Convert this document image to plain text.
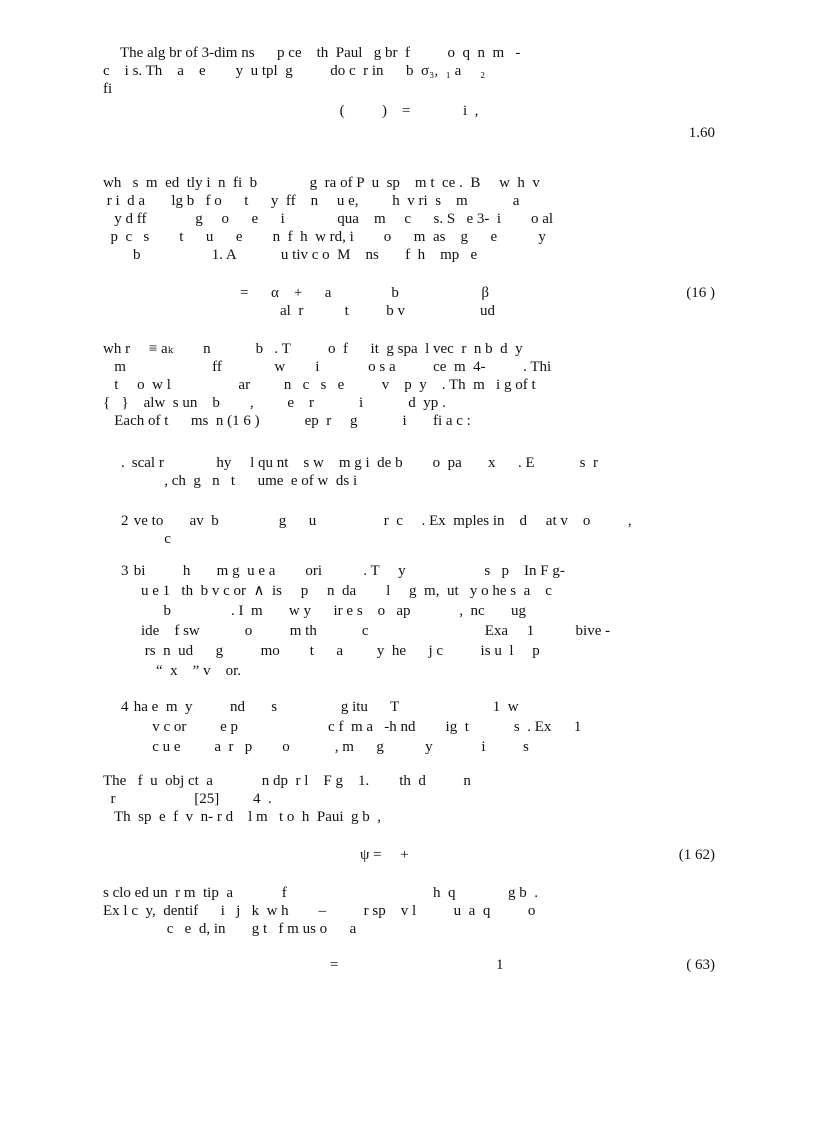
The alg br of 3-dim ns      p ce    th  Paul   g br  f          o  q  n  m   -
c    i s. Th    a    e        y  u tpl  g          do c  r in      b  σ₃,  ₁ a     ₂
fi
(          )    =              i  ,
1.60
wh   s  m  ed  tly i  n  fi  b              g  ra of P  u  sp    m t  ce .  B     w  h  v
r i  d a       lg b   f o      t      y  ff    n     u e,         h  v ri  s    m            a
y d ff             g     o      e      i              qua    m     c      s. S   e 3-  i        o al
p  c   s        t      u      e        n  f  h  w rd, i        o      m  as    g      e           y
b                   1. A            u tiv c o  M    ns       f  h    mp   e
=      α    +      a                b                      β
al  r           t          b v                    ud
(16 )
wh r     ≡ aₖ        n            b   . T          o  f      it  g spa  l vec  r  n b  d  y
m                       ff              w        i             o s a          ce  m  4-          . Thi
t     o  w l                  ar         n   c   s   e          v    p  y    . Th  m   i g of t
{   }    alw  s un    b        ,         e    r            i            d  yp .
Each of t      ms  n (1 6 )            ep  r     g            i       fi a c :
. scal r              hy     l qu nt    s w    m g i  de b        o  pa       x      . E            s  r
, ch  g   n   t      ume  e of w  ds i
2 ve to       av  b                g      u                  r  c     . Ex  mples in    d     at v    o          ,
c
3 bi          h       m g  u e a        ori           . T     y                     s   p    In F g-
u e 1   th  b v c or  ∧  is     p     n  da        l     g  m,  ut   y o he s  a    c
b                . I  m       w y      ir e s    o   ap             ,  nc       ug
ide    f sw            o          m th            c                               Exa     1           bive -
rs  n  ud      g          mo        t      a         y  he      j c          is u  l     p
“  x    ” v    or.
4 ha e  m  y          nd       s                 g itu      T                         1  w
v c or         e p                        c f  m a   -h nd        ig  t            s  . Ex      1
c u e         a  r   p        o            , m      g           y             i          s
The   f  u  obj ct  a             n dp  r l    F g    1.        th  d          n
r                     [25]         4  .
Th  sp  e  f  v  n- r d    l m   t o  h  Paui  g b  ,
ψ =     +	(1 62)
s clo ed un  r m  tip  a             f                                       h  q              g b  .
Ex l c  y,  dentif      i   j   k  w h        –          r sp    v l          u  a  q          o
c   e  d, in       g t   f m us o      a
=                                          1	( 63)
